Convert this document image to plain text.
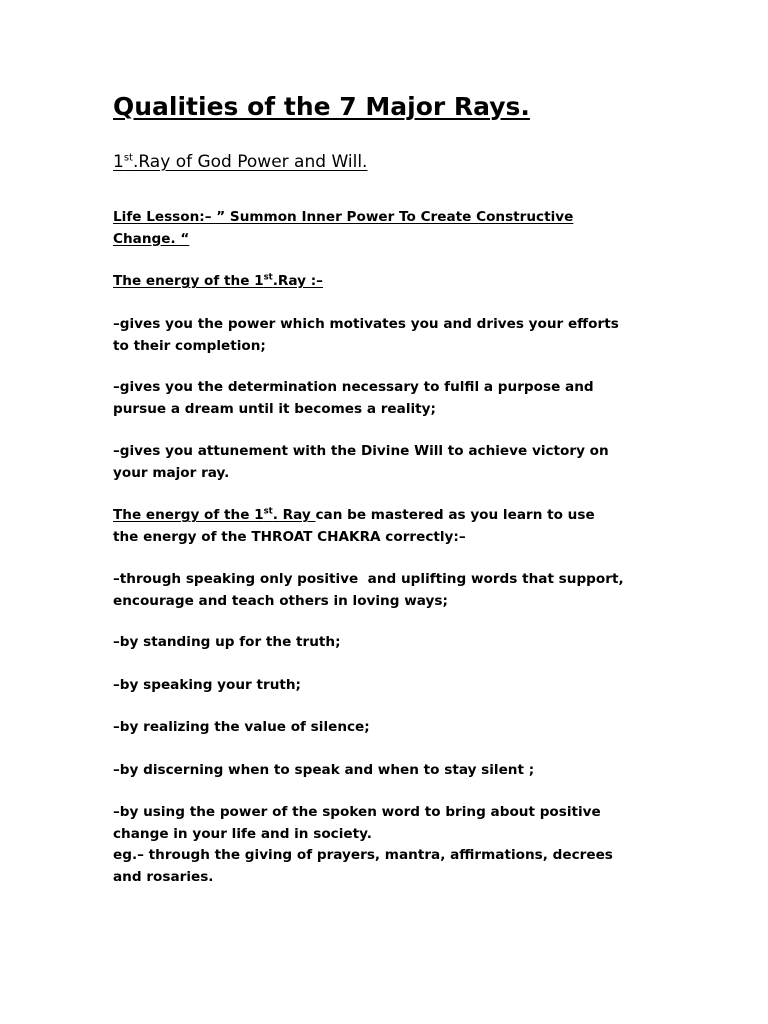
Qualities of the 7 Major Rays.
1st.Ray of God Power and Will.

Life Lesson:– ” Summon Inner Power To Create Constructive
Change. “

The energy of the 1st.Ray :–

–gives you the power which motivates you and drives your efforts
to their completion;

–gives you the determination necessary to fulfil a purpose and
pursue a dream until it becomes a reality;

–gives you attunement with the Divine Will to achieve victory on
your major ray.

The energy of the 1st. Ray can be mastered as you learn to use
the energy of the THROAT CHAKRA correctly:–

–through speaking only positive  and uplifting words that support,
encourage and teach others in loving ways;

–by standing up for the truth;

–by speaking your truth;

–by realizing the value of silence;

–by discerning when to speak and when to stay silent ;

–by using the power of the spoken word to bring about positive
change in your life and in society.
eg.– through the giving of prayers, mantra, affirmations, decrees
and rosaries.
